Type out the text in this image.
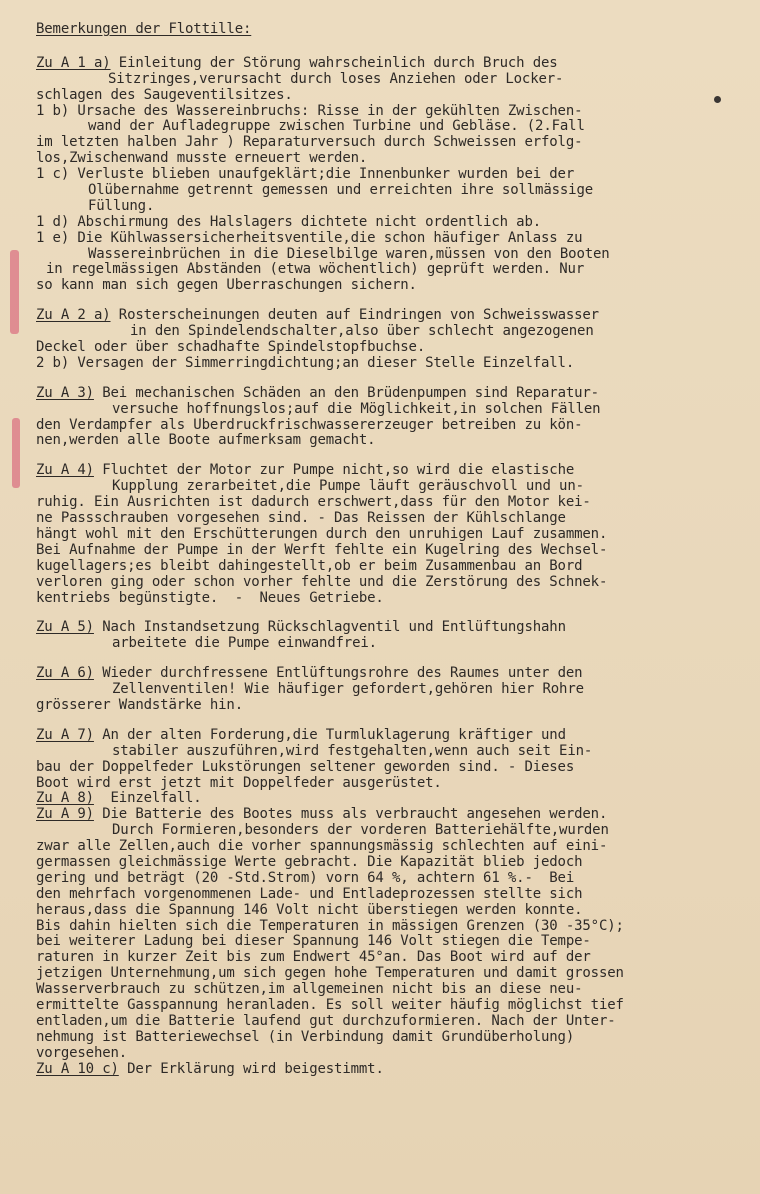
Bemerkungen der Flottille:
Zu A 1 a) Einleitung der Störung wahrscheinlich durch Bruch des
Sitzringes,verursacht durch loses Anziehen oder Locker-
schlagen des Saugeventilsitzes.
1 b) Ursache des Wassereinbruchs: Risse in der gekühlten Zwischen-
wand der Aufladegruppe zwischen Turbine und Gebläse. (2.Fall
im letzten halben Jahr ) Reparaturversuch durch Schweissen erfolg-
los,Zwischenwand musste erneuert werden.
1 c) Verluste blieben unaufgeklärt;die Innenbunker wurden bei der
Ölübernahme getrennt gemessen und erreichten ihre sollmässige
Füllung.
1 d) Abschirmung des Halslagers dichtete nicht ordentlich ab.
1 e) Die Kühlwassersicherheitsventile,die schon häufiger Anlass zu
Wassereinbrüchen in die Dieselbilge waren,müssen von den Booten
in regelmässigen Abständen (etwa wöchentlich) geprüft werden. Nur
so kann man sich gegen Überraschungen sichern.
Zu A 2 a) Rosterscheinungen deuten auf Eindringen von Schweisswasser
in den Spindelendschalter,also über schlecht angezogenen
Deckel oder über schadhafte Spindelstopfbuchse.
2 b) Versagen der Simmerringdichtung;an dieser Stelle Einzelfall.
Zu A 3) Bei mechanischen Schäden an den Brüdenpumpen sind Reparatur-
versuche hoffnungslos;auf die Möglichkeit,in solchen Fällen
den Verdampfer als Überdruckfrischwassererzeuger betreiben zu kön-
nen,werden alle Boote aufmerksam gemacht.
Zu A 4) Fluchtet der Motor zur Pumpe nicht,so wird die elastische
Kupplung zerarbeitet,die Pumpe läuft geräuschvoll und un-
ruhig. Ein Ausrichten ist dadurch erschwert,dass für den Motor kei-
ne Passschrauben vorgesehen sind. - Das Reissen der Kühlschlange
hängt wohl mit den Erschütterungen durch den unruhigen Lauf zusammen.
Bei Aufnahme der Pumpe in der Werft fehlte ein Kugelring des Wechsel-
kugellagers;es bleibt dahingestellt,ob er beim Zusammenbau an Bord
verloren ging oder schon vorher fehlte und die Zerstörung des Schnek-
kentriebs begünstigte.  -  Neues Getriebe.
Zu A 5) Nach Instandsetzung Rückschlagventil und Entlüftungshahn
arbeitete die Pumpe einwandfrei.
Zu A 6) Wieder durchfressene Entlüftungsrohre des Raumes unter den
Zellenventilen! Wie häufiger gefordert,gehören hier Rohre
grösserer Wandstärke hin.
Zu A 7) An der alten Forderung,die Turmluklagerung kräftiger und
stabiler auszuführen,wird festgehalten,wenn auch seit Ein-
bau der Doppelfeder Lukstörungen seltener geworden sind. - Dieses
Boot wird erst jetzt mit Doppelfeder ausgerüstet.
Zu A 8) Einzelfall.
Zu A 9) Die Batterie des Bootes muss als verbraucht angesehen werden.
Durch Formieren,besonders der vorderen Batteriehälfte,wurden
zwar alle Zellen,auch die vorher spannungsmässig schlechten auf eini-
germassen gleichmässige Werte gebracht. Die Kapazität blieb jedoch
gering und beträgt (20 -Std.Strom) vorn 64 %, achtern 61 %.-  Bei
den mehrfach vorgenommenen Lade- und Entladeprozessen stellte sich
heraus,dass die Spannung 146 Volt nicht überstiegen werden konnte.
Bis dahin hielten sich die Temperaturen in mässigen Grenzen (30 -35°C);
bei weiterer Ladung bei dieser Spannung 146 Volt stiegen die Tempe-
raturen in kurzer Zeit bis zum Endwert 45°an. Das Boot wird auf der
jetzigen Unternehmung,um sich gegen hohe Temperaturen und damit grossen
Wasserverbrauch zu schützen,im allgemeinen nicht bis an diese neu-
ermittelte Gasspannung heranladen. Es soll weiter häufig möglichst tief
entladen,um die Batterie laufend gut durchzuformieren. Nach der Unter-
nehmung ist Batteriewechsel (in Verbindung damit Grundüberholung)
vorgesehen.
Zu A 10 c) Der Erklärung wird beigestimmt.
